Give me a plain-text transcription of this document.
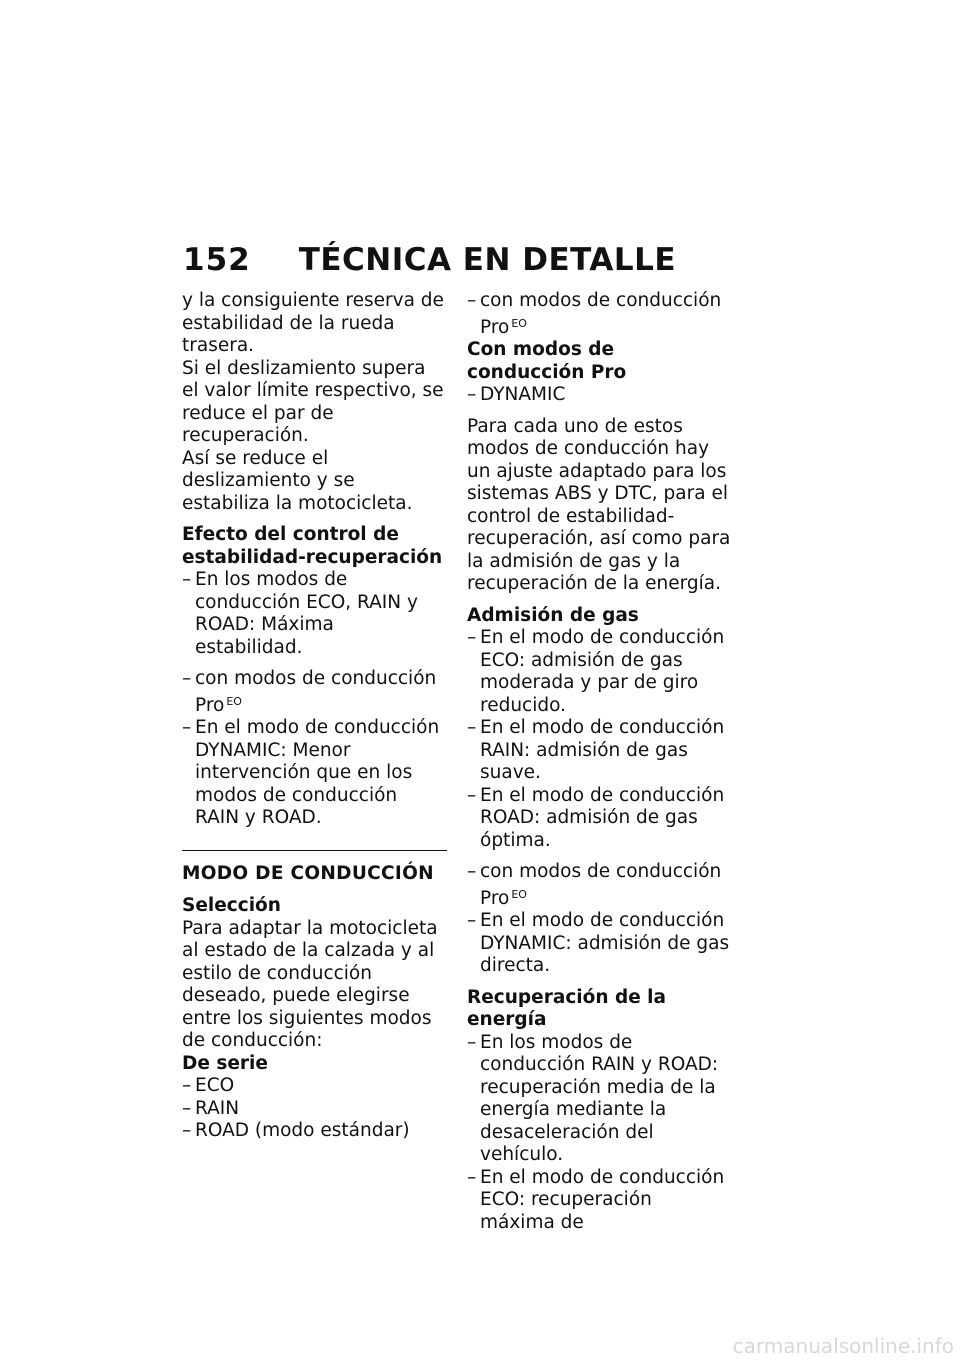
152 TÉCNICA EN DETALLE

y la consiguiente reserva de estabilidad de la rueda trasera.

Si el deslizamiento supera el valor límite respectivo, se reduce el par de recuperación.

Así se reduce el deslizamiento y se estabiliza la motocicleta.

Efecto del control de estabilidad-recuperación

– En los modos de conducción ECO, RAIN y ROAD: Máxima estabilidad.
– con modos de conducción Pro $^{EO}$
– En el modo de conducción DYNAMIC: Menor intervención que en los modos de conducción RAIN y ROAD.

MODO DE CONDUCCIÓN

Selección

Para adaptar la motocicleta al estado de la calzada y al estilo de conducción deseado, puede elegirse entre los siguientes modos de conducción:

De serie

– ECO
– RAIN
– ROAD (modo estándar)
– con modos de conducción Pro $^{EO}$

Con modos de conducción Pro

– DYNAMIC

Para cada uno de estos modos de conducción hay un ajuste adaptado para los sistemas ABS y DTC, para el control de estabilidad-recuperación, así como para la admisión de gas y la recuperación de la energía.

Admisión de gas

– En el modo de conducción ECO: admisión de gas moderada y par de giro reducido.
– En el modo de conducción RAIN: admisión de gas suave.
– En el modo de conducción ROAD: admisión de gas óptima.
– con modos de conducción Pro $^{EO}$
– En el modo de conducción DYNAMIC: admisión de gas directa.

Recuperación de la energía

– En los modos de conducción RAIN y ROAD: recuperación media de la energía mediante la desaceleración del vehículo.
– En el modo de conducción ECO: recuperación máxima de
carmanualsonline.info
